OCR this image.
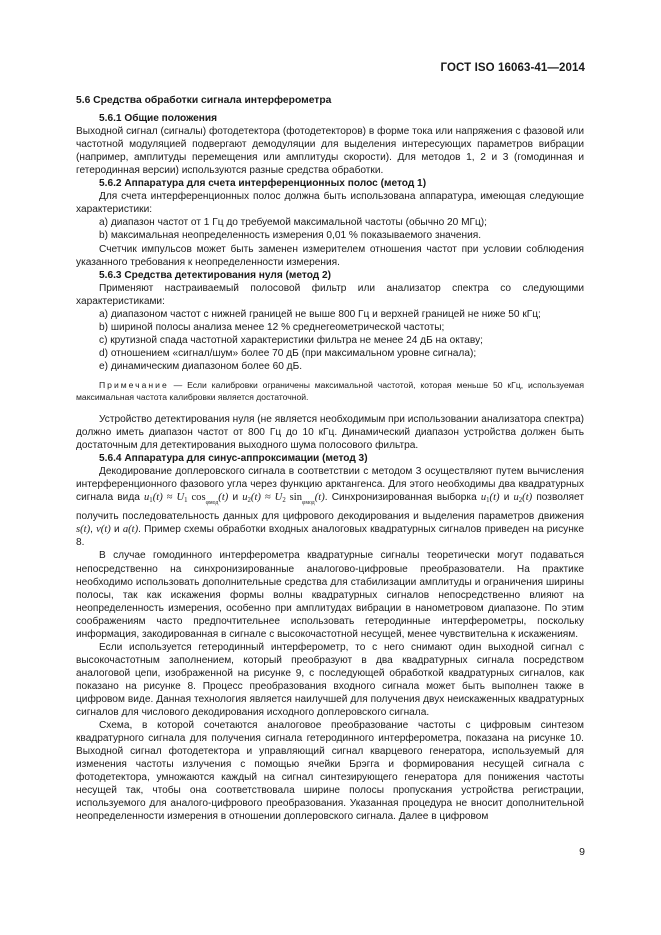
ГОСТ ISO 16063-41—2014

5.6 Средства обработки сигнала интерферометра

5.6.1 Общие положения

Выходной сигнал (сигналы) фотодетектора (фотодетекторов) в форме тока или напряжения с фазовой или частотной модуляцией подвергают демодуляции для выделения интересующих параметров вибрации (например, амплитуды перемещения или амплитуды скорости). Для методов 1, 2 и 3 (гомодинная и гетеродинная версии) используются разные средства обработки.

5.6.2 Аппаратура для счета интерференционных полос (метод 1)

Для счета интерференционных полос должна быть использована аппаратура, имеющая следующие характеристики:

а) диапазон частот от 1 Гц до требуемой максимальной частоты (обычно 20 МГц);

b) максимальная неопределенность измерения 0,01 % показываемого значения.

Счетчик импульсов может быть заменен измерителем отношения частот при условии соблюдения указанного требования к неопределенности измерения.

5.6.3 Средства детектирования нуля (метод 2)

Применяют настраиваемый полосовой фильтр или анализатор спектра со следующими характеристиками:

а) диапазоном частот с нижней границей не выше 800 Гц и верхней границей не ниже 50 кГц;

b) шириной полосы анализа менее 12 % среднегеометрической частоты;

c) крутизной спада частотной характеристики фильтра не менее 24 дБ на октаву;

d) отношением «сигнал/шум» более 70 дБ (при максимальном уровне сигнала);

е) динамическим диапазоном более 60 дБ.

Примечание — Если калибровки ограничены максимальной частотой, которая меньше 50 кГц, используемая максимальная частота калибровки является достаточной.

Устройство детектирования нуля (не является необходимым при использовании анализатора спектра) должно иметь диапазон частот от 800 Гц до 10 кГц. Динамический диапазон устройства должен быть достаточным для детектирования выходного шума полосового фильтра.

5.6.4 Аппаратура для синус-аппроксимации (метод 3)

Декодирование доплеровского сигнала в соответствии с методом 3 осуществляют путем вычисления интерференционного фазового угла через функцию арктангенса. Для этого необходимы два квадратурных сигнала вида u1(t) ≈ U1 $\cos_{\varphi мод}(t)$ и u2(t) ≈ U2 $\sin_{\varphi мод}(t)$. Синхронизированная выборка u1(t) и u2(t) позволяет получить последовательность данных для цифрового декодирования и выделения параметров движения s(t), v(t) и a(t). Пример схемы обработки входных аналоговых квадратурных сигналов приведен на рисунке 8.

В случае гомодинного интерферометра квадратурные сигналы теоретически могут подаваться непосредственно на синхронизированные аналогово-цифровые преобразователи. На практике необходимо использовать дополнительные средства для стабилизации амплитуды и ограничения ширины полосы, так как искажения формы волны квадратурных сигналов непосредственно влияют на неопределенность измерения, особенно при амплитудах вибрации в нанометровом диапазоне. По этим соображениям часто предпочтительнее использовать гетеродинные интерферометры, поскольку информация, закодированная в сигнале с высокочастотной несущей, менее чувствительна к искажениям.

Если используется гетеродинный интерферометр, то с него снимают один выходной сигнал с высокочастотным заполнением, который преобразуют в два квадратурных сигнала посредством аналоговой цепи, изображенной на рисунке 9, с последующей обработкой квадратурных сигналов, как показано на рисунке 8. Процесс преобразования входного сигнала может быть выполнен также в цифровом виде. Данная технология является наилучшей для получения двух неискаженных квадратурных сигналов для числового декодирования исходного доплеровского сигнала.

Схема, в которой сочетаются аналоговое преобразование частоты с цифровым синтезом квадратурного сигнала для получения сигнала гетеродинного интерферометра, показана на рисунке 10. Выходной сигнал фотодетектора и управляющий сигнал кварцевого генератора, используемый для изменения частоты излучения с помощью ячейки Брэгга и формирования несущей сигнала с фотодетектора, умножаются каждый на сигнал синтезирующего генератора для понижения частоты несущей так, чтобы она соответствовала ширине полосы пропускания устройства регистрации, используемого для аналого-цифрового преобразования. Указанная процедура не вносит дополнительной неопределенности измерения в отношении доплеровского сигнала. Далее в цифровом

9
